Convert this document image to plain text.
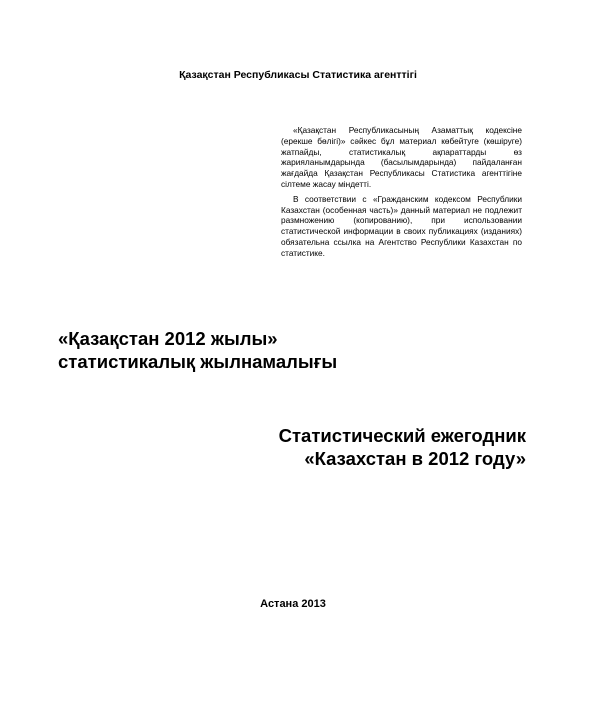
Қазақстан Республикасы Статистика агенттігі

«Қазақстан Республикасының Азаматтық кодексіне (ерекше бөлігі)» сәйкес бұл материал көбейтуге (көшіруге) жатпайды, статистикалық ақпараттарды өз жарияланымдарында (басылымдарында) пайдаланған жағдайда Қазақстан Республикасы Статистика агенттігіне сілтеме жасау міндетті.

В соответствии с «Гражданским кодексом Республики Казахстан (особенная часть)» данный материал не подлежит размножению (копированию), при использовании статистической информации в своих публикациях (изданиях) обязательна ссылка на Агентство Республики Казахстан по статистике.

«Қазақстан 2012 жылы»
статистикалық жылнамалығы
Статистический ежегодник
«Казахстан в 2012 году»
Астана 2013
